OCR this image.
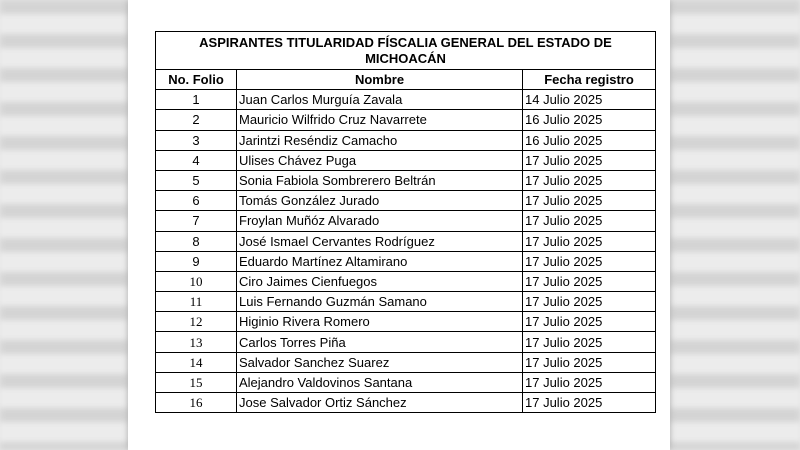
ASPIRANTES TITULARIDAD FÍSCALIA GENERAL DEL ESTADO DE MICHOACÁN		
No. Folio	Nombre	Fecha registro
1	Juan Carlos Murguía Zavala	14 Julio 2025
2	Mauricio Wilfrido Cruz Navarrete	16 Julio 2025
3	Jarintzi Reséndiz Camacho	16 Julio 2025
4	Ulises Chávez Puga	17 Julio 2025
5	Sonia Fabiola Sombrerero Beltrán	17 Julio 2025
6	Tomás González Jurado	17 Julio 2025
7	Froylan Muñóz Alvarado	17 Julio 2025
8	José Ismael Cervantes Rodríguez	17 Julio 2025
9	Eduardo Martínez Altamirano	17 Julio 2025
10	Ciro Jaimes Cienfuegos	17 Julio 2025
11	Luis Fernando Guzmán Samano	17 Julio 2025
12	Higinio Rivera Romero	17 Julio 2025
13	Carlos Torres Piña	17 Julio 2025
14	Salvador Sanchez Suarez	17 Julio 2025
15	Alejandro Valdovinos Santana	17 Julio 2025
16	Jose Salvador Ortiz Sánchez	17 Julio 2025
